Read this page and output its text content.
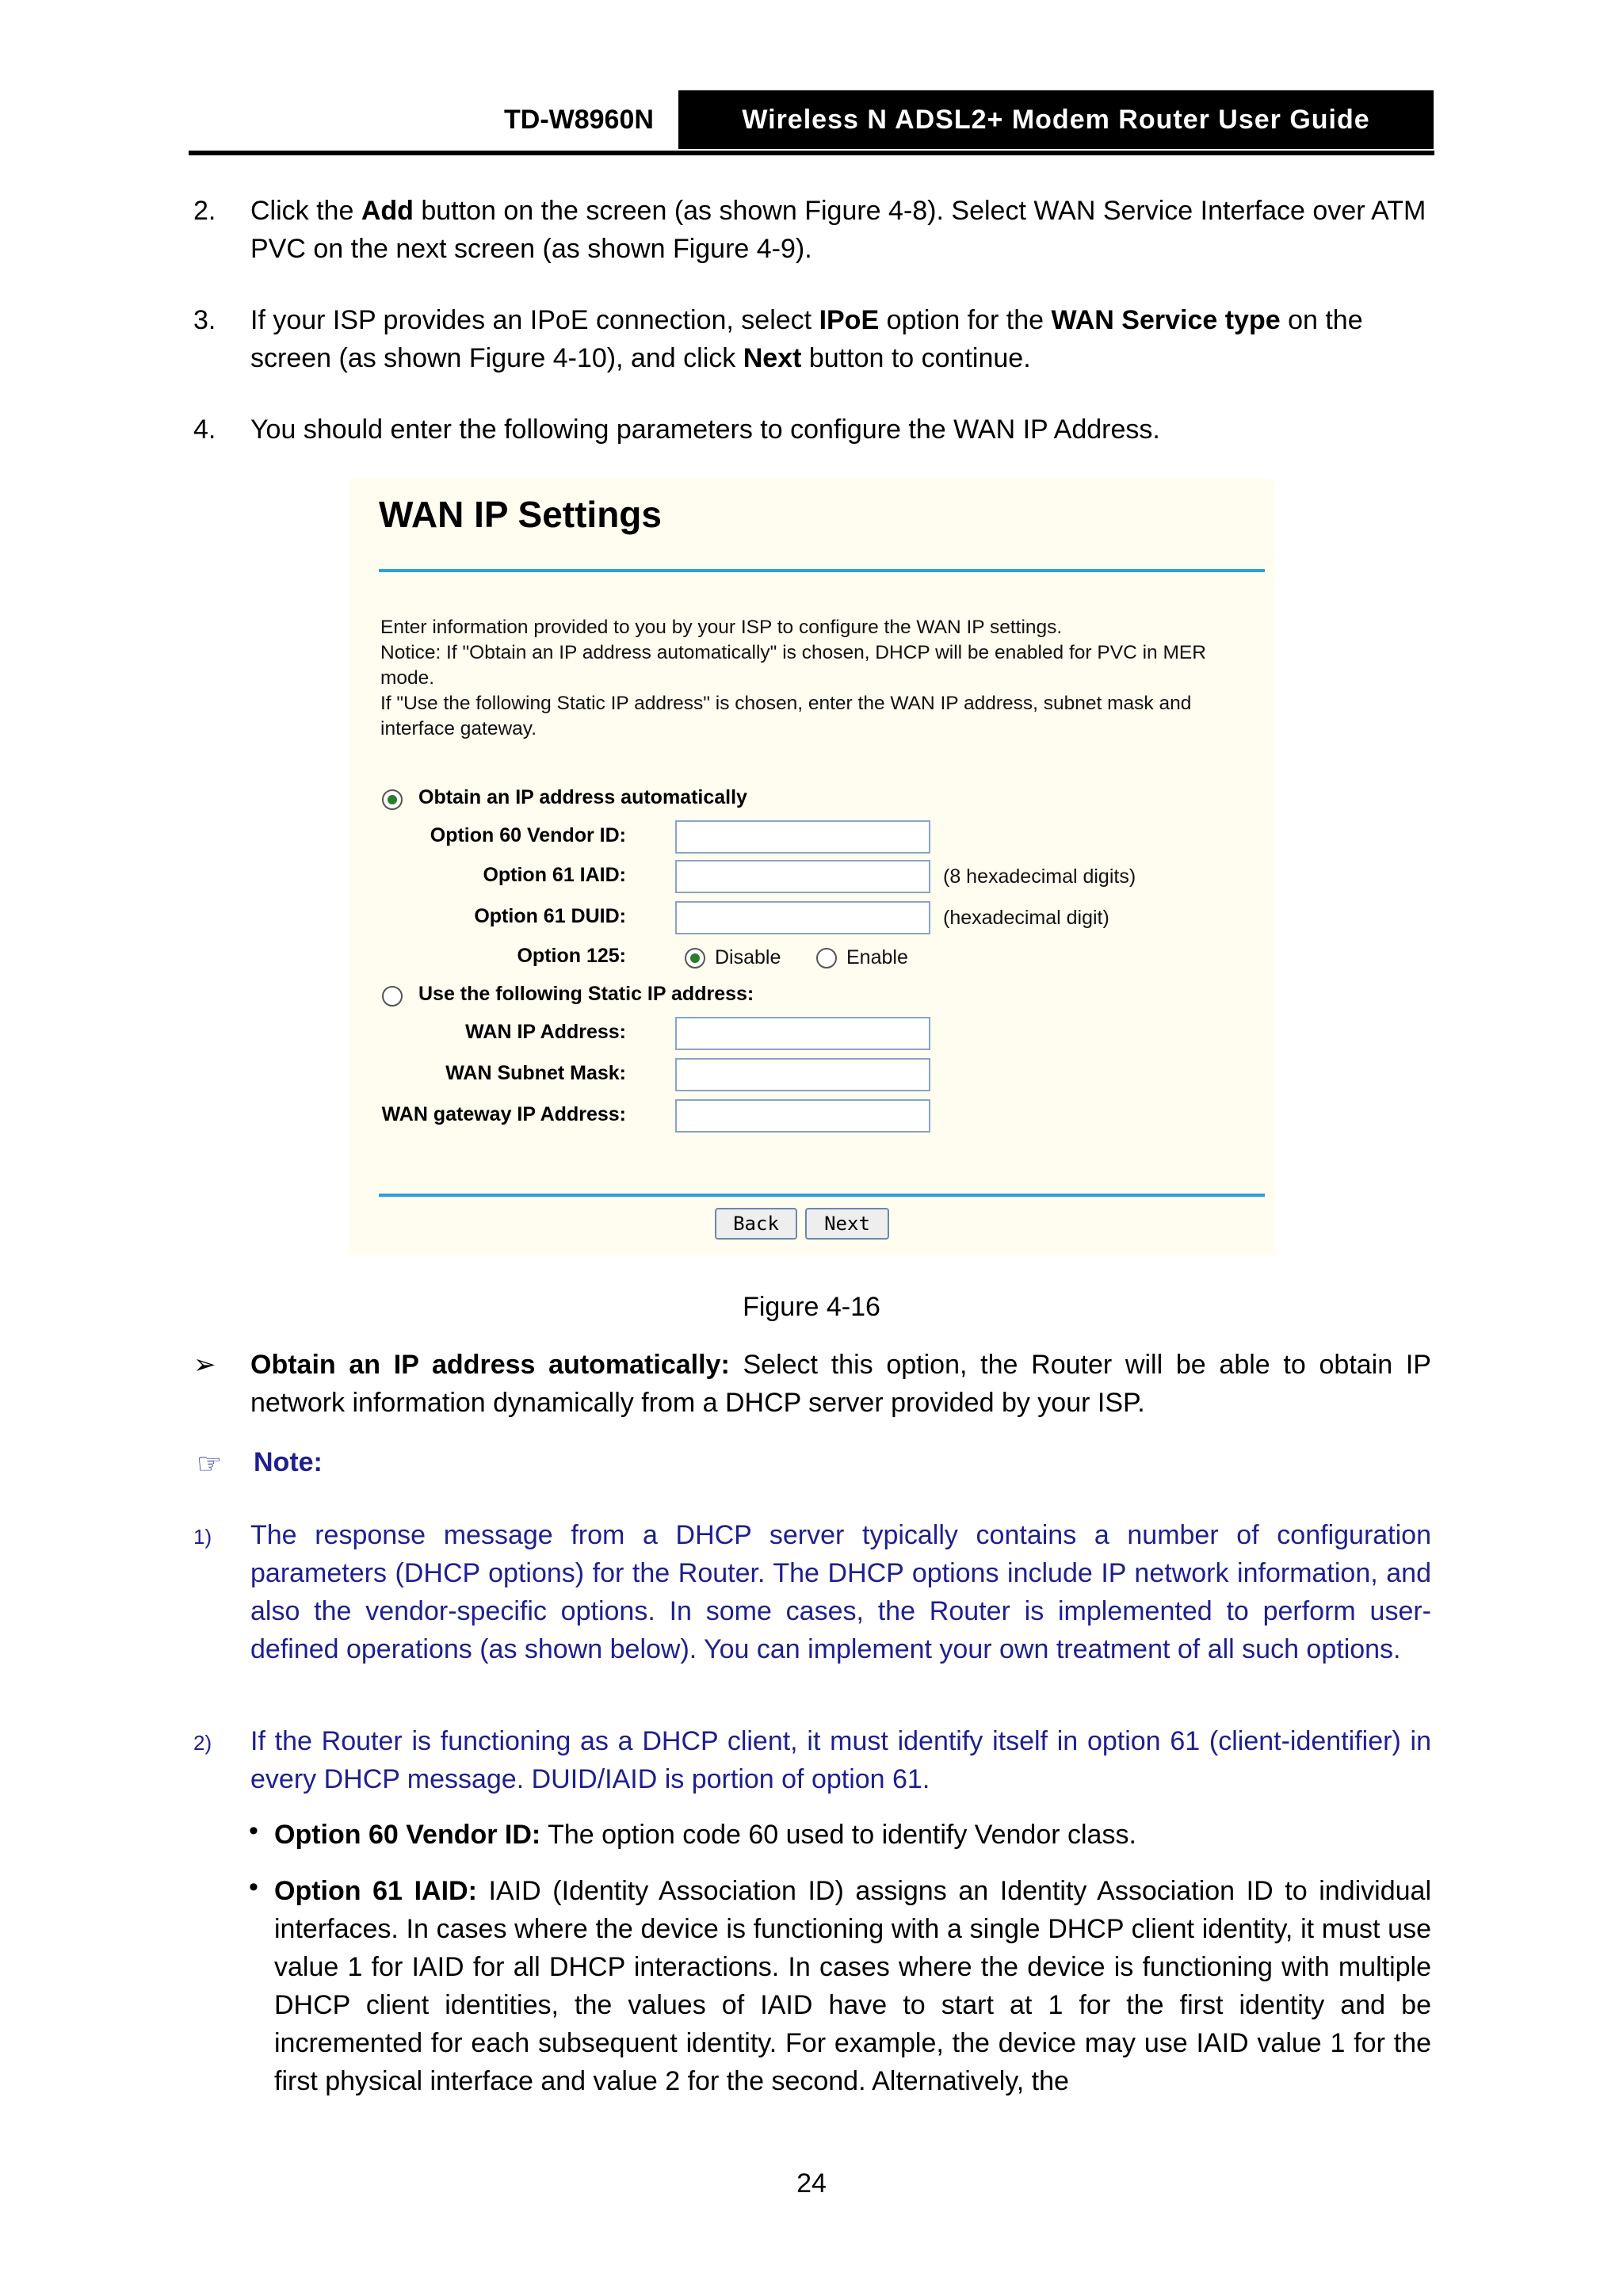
TD-W8960N	Wireless N ADSL2+ Modem Router User Guide
2. Click the Add button on the screen (as shown Figure 4-8). Select WAN Service Interface over ATM PVC on the next screen (as shown Figure 4-9).
3. If your ISP provides an IPoE connection, select IPoE option for the WAN Service type on the screen (as shown Figure 4-10), and click Next button to continue.
4. You should enter the following parameters to configure the WAN IP Address.
WAN IP Settings
Enter information provided to you by your ISP to configure the WAN IP settings.
Notice: If "Obtain an IP address automatically" is chosen, DHCP will be enabled for PVC in MER
mode.
If "Use the following Static IP address" is chosen, enter the WAN IP address, subnet mask and
interface gateway.
Obtain an IP address automatically
Option 60 Vendor ID:
Option 61 IAID:	(8 hexadecimal digits)
Option 61 DUID:	(hexadecimal digit)
Option 125:	Disable	Enable
Use the following Static IP address:
WAN IP Address:
WAN Subnet Mask:
WAN gateway IP Address:
Back	Next
Figure 4-16
➢ Obtain an IP address automatically: Select this option, the Router will be able to obtain IP network information dynamically from a DHCP server provided by your ISP.
☞ Note:
1) The response message from a DHCP server typically contains a number of configuration parameters (DHCP options) for the Router. The DHCP options include IP network information, and also the vendor-specific options. In some cases, the Router is implemented to perform user-defined operations (as shown below). You can implement your own treatment of all such options.
2) If the Router is functioning as a DHCP client, it must identify itself in option 61 (client-identifier) in every DHCP message. DUID/IAID is portion of option 61.
• Option 60 Vendor ID: The option code 60 used to identify Vendor class.
• Option 61 IAID: IAID (Identity Association ID) assigns an Identity Association ID to individual interfaces. In cases where the device is functioning with a single DHCP client identity, it must use value 1 for IAID for all DHCP interactions. In cases where the device is functioning with multiple DHCP client identities, the values of IAID have to start at 1 for the first identity and be incremented for each subsequent identity. For example, the device may use IAID value 1 for the first physical interface and value 2 for the second. Alternatively, the
24
